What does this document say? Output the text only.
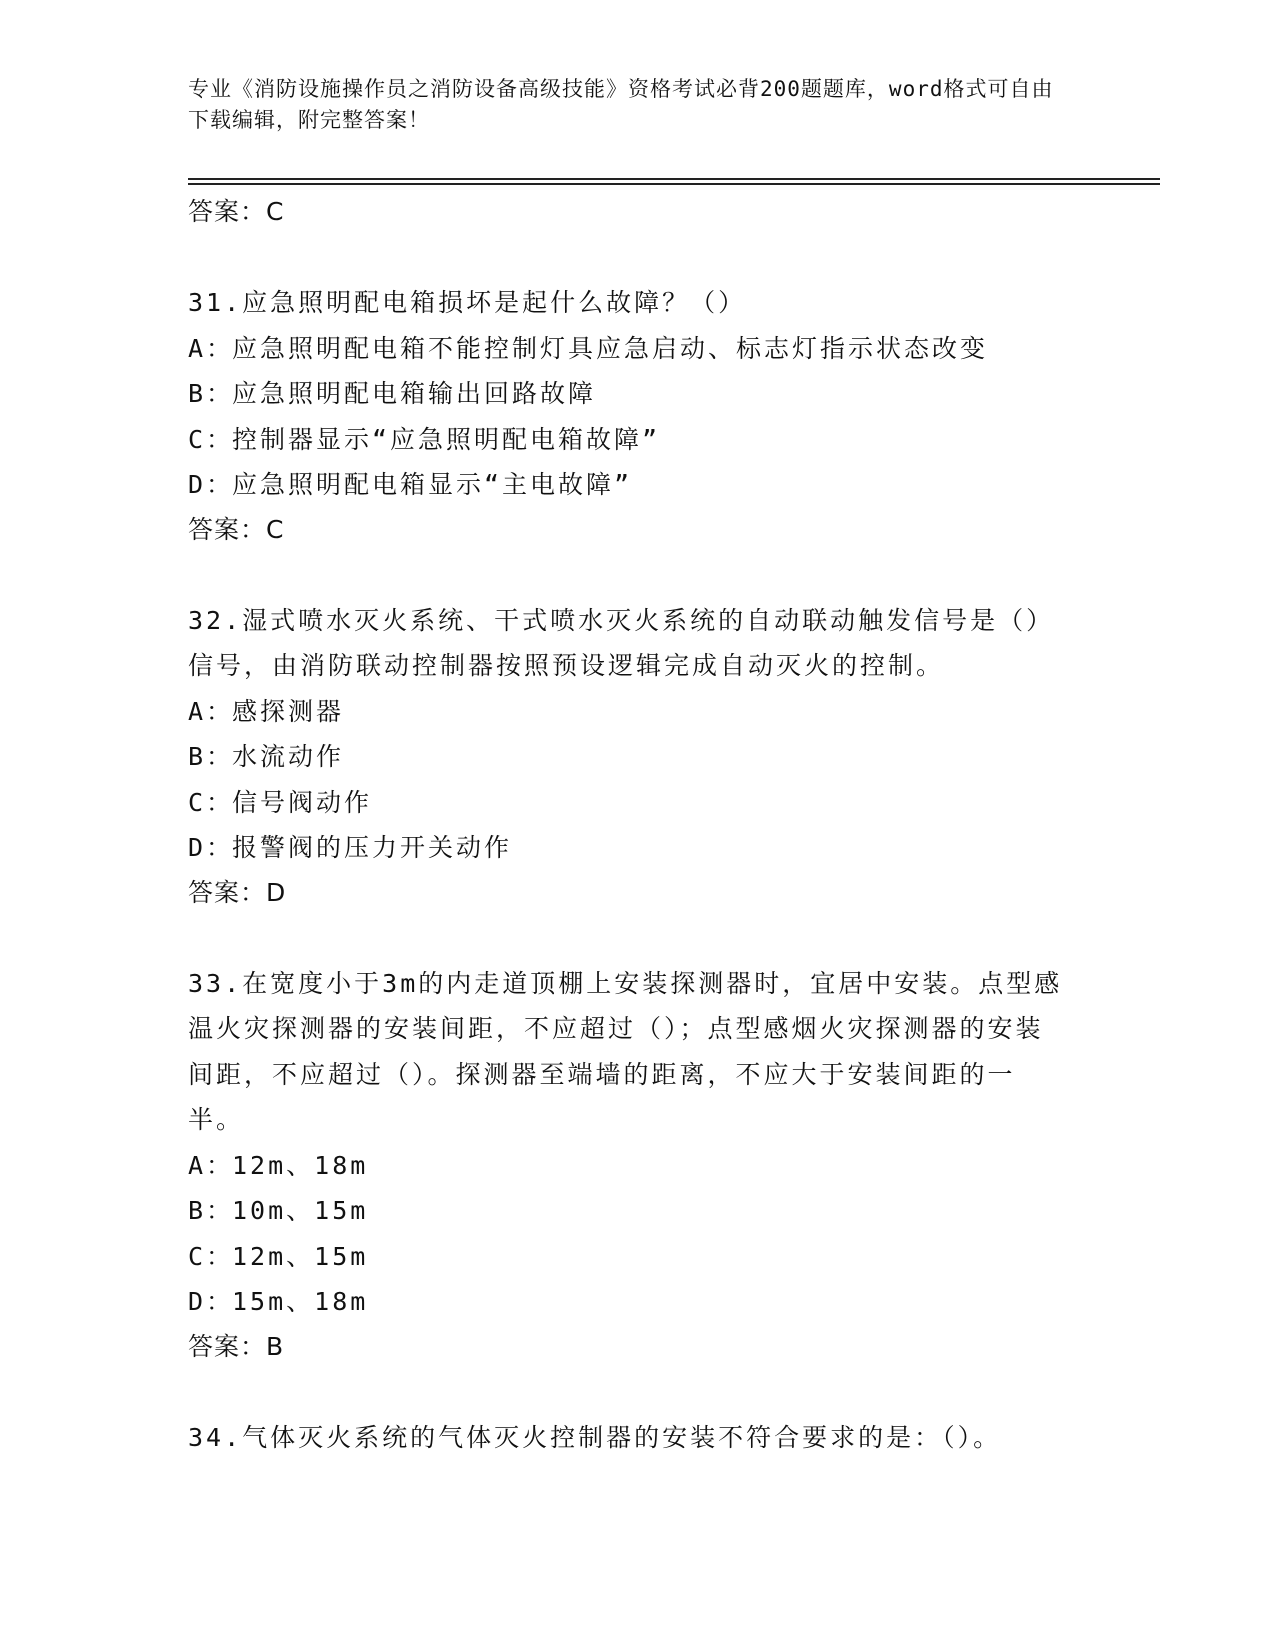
专业《消防设施操作员之消防设备高级技能》资格考试必背200题题库，word格式可自由下载编辑，附完整答案！
答案：C
31.应急照明配电箱损坏是起什么故障？（）
A：应急照明配电箱不能控制灯具应急启动、标志灯指示状态改变
B：应急照明配电箱输出回路故障
C：控制器显示“应急照明配电箱故障”
D：应急照明配电箱显示“主电故障”
答案：C
32.湿式喷水灭火系统、干式喷水灭火系统的自动联动触发信号是（）信号，由消防联动控制器按照预设逻辑完成自动灭火的控制。
A：感探测器
B：水流动作
C：信号阀动作
D：报警阀的压力开关动作
答案：D
33.在宽度小于3m的内走道顶棚上安装探测器时，宜居中安装。点型感温火灾探测器的安装间距，不应超过（）；点型感烟火灾探测器的安装间距，不应超过（）。探测器至端墙的距离，不应大于安装间距的一半。
A：12m、18m
B：10m、15m
C：12m、15m
D：15m、18m
答案：B
34.气体灭火系统的气体灭火控制器的安装不符合要求的是：（）。
